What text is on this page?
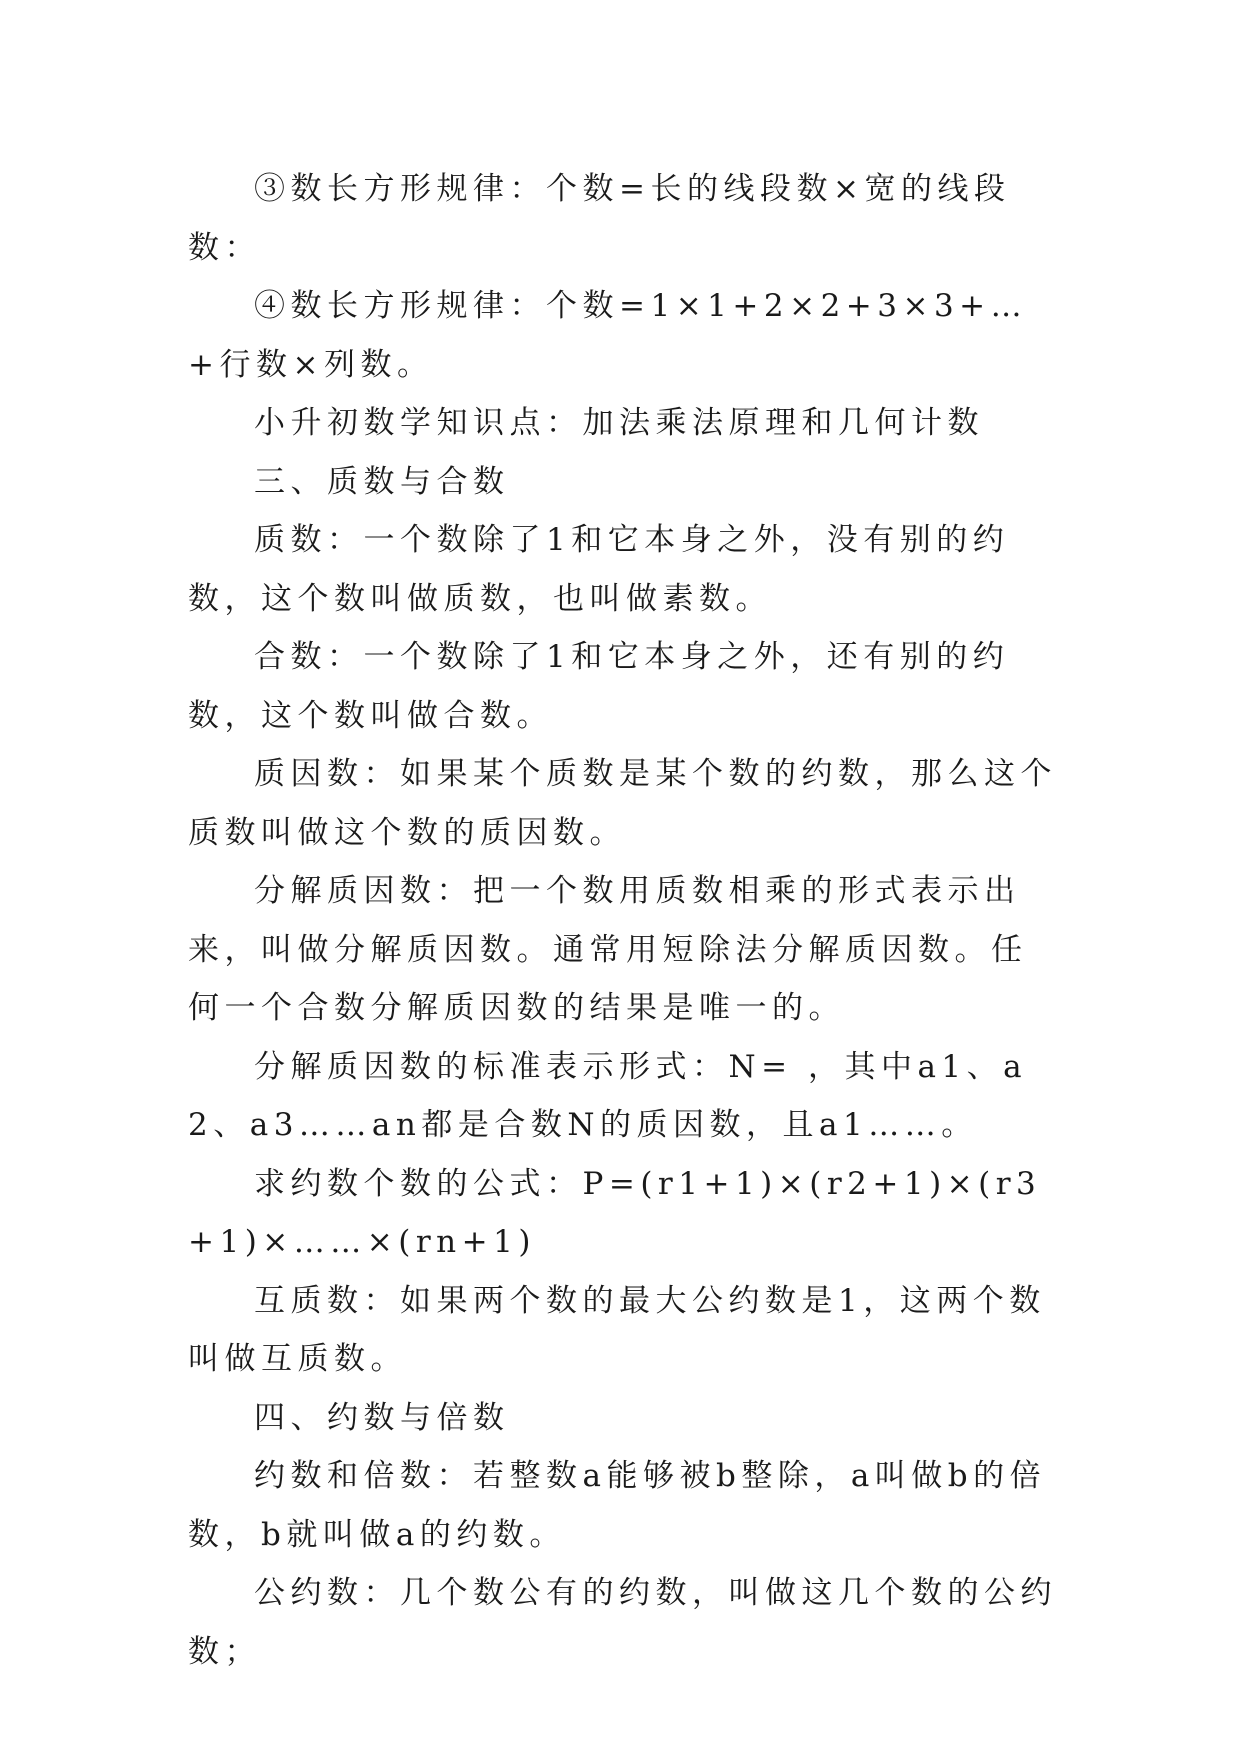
③数长方形规律：个数=长的线段数×宽的线段数：

④数长方形规律：个数=1×1+2×2+3×3+…+行数×列数。

小升初数学知识点：加法乘法原理和几何计数

三、质数与合数

质数：一个数除了1和它本身之外，没有别的约数，这个数叫做质数，也叫做素数。

合数：一个数除了1和它本身之外，还有别的约数，这个数叫做合数。

质因数：如果某个质数是某个数的约数，那么这个质数叫做这个数的质因数。

分解质因数：把一个数用质数相乘的形式表示出来，叫做分解质因数。通常用短除法分解质因数。任何一个合数分解质因数的结果是唯一的。

分解质因数的标准表示形式：N= ，其中a1、a2、a3……an都是合数N的质因数，且a1……。

求约数个数的公式：P=(r1+1)×(r2+1)×(r3+1)×……×(rn+1)

互质数：如果两个数的最大公约数是1，这两个数叫做互质数。

四、约数与倍数

约数和倍数：若整数a能够被b整除，a叫做b的倍数，b就叫做a的约数。

公约数：几个数公有的约数，叫做这几个数的公约数；
